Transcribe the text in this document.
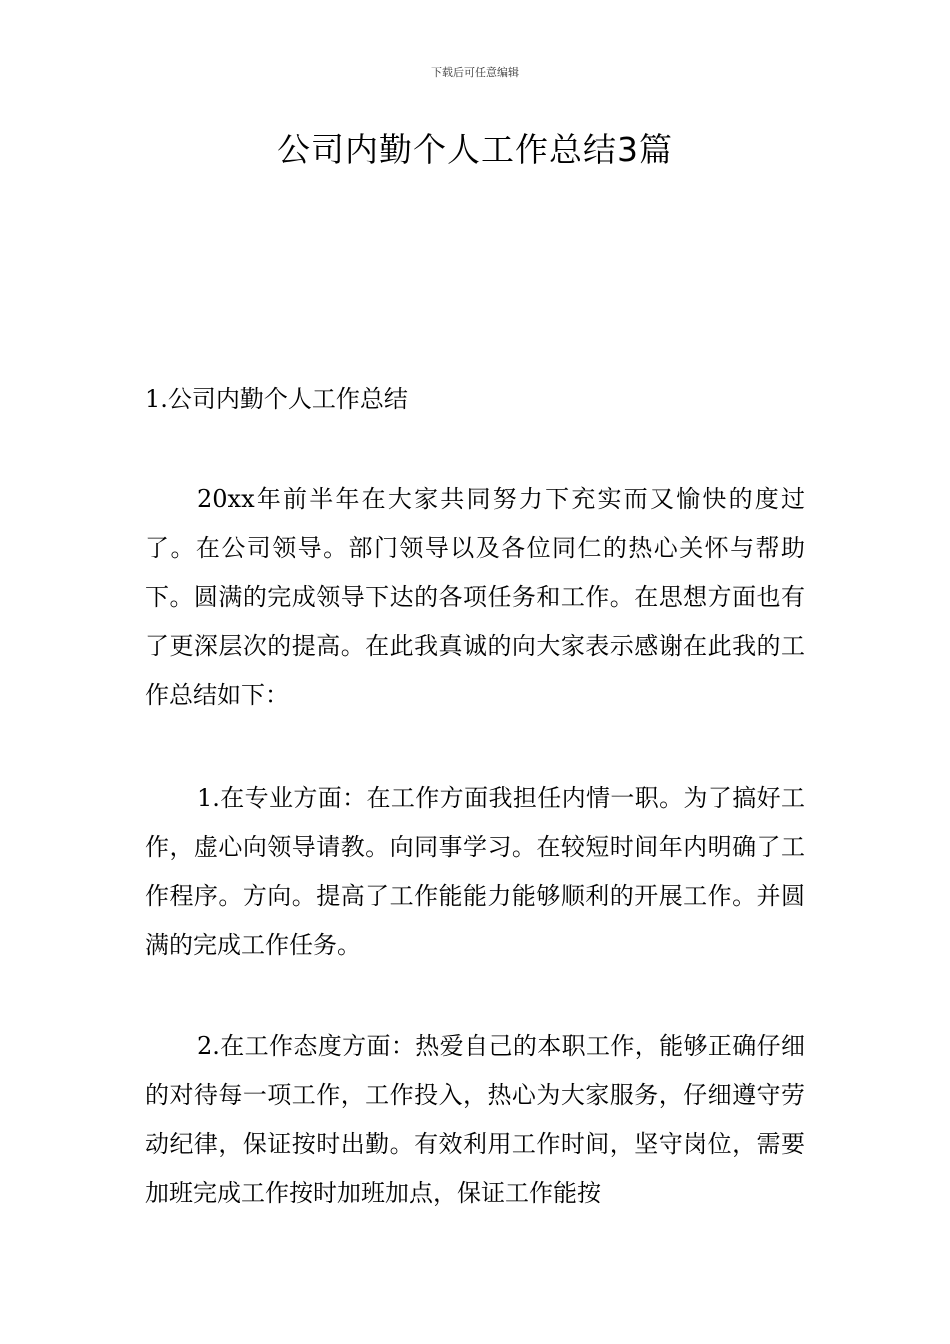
下载后可任意编辑
公司内勤个人工作总结3篇
1.公司内勤个人工作总结

20xx年前半年在大家共同努力下充实而又愉快的度过了。在公司领导。部门领导以及各位同仁的热心关怀与帮助下。圆满的完成领导下达的各项任务和工作。在思想方面也有了更深层次的提高。在此我真诚的向大家表示感谢在此我的工作总结如下：

1.在专业方面：在工作方面我担任内情一职。为了搞好工作，虚心向领导请教。向同事学习。在较短时间年内明确了工作程序。方向。提高了工作能能力能够顺利的开展工作。并圆满的完成工作任务。

2.在工作态度方面：热爱自己的本职工作，能够正确仔细的对待每一项工作，工作投入，热心为大家服务，仔细遵守劳动纪律，保证按时出勤。有效利用工作时间，坚守岗位，需要加班完成工作按时加班加点，保证工作能按
